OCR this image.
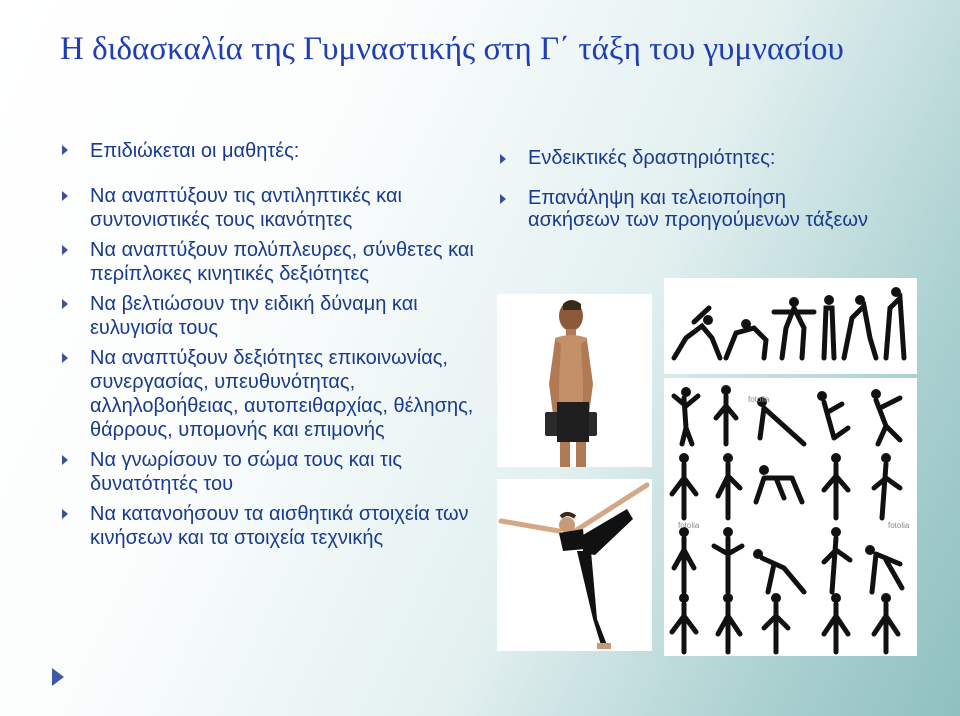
Η διδασκαλία της Γυμναστικής στη Γ΄ τάξη του γυμνασίου
Επιδιώκεται οι μαθητές:
Να αναπτύξουν τις αντιληπτικές και συντονιστικές τους ικανότητες
Να αναπτύξουν πολύπλευρες, σύνθετες και περίπλοκες κινητικές δεξιότητες
Να βελτιώσουν την ειδική δύναμη και ευλυγισία τους
Να αναπτύξουν δεξιότητες επικοινωνίας, συνεργασίας, υπευθυνότητας, αλληλοβοήθειας, αυτοπειθαρχίας, θέλησης, θάρρους, υπομονής και επιμονής
Να γνωρίσουν το σώμα τους και τις δυνατότητές του
Να κατανοήσουν τα αισθητικά στοιχεία των κινήσεων και τα στοιχεία τεχνικής
Ενδεικτικές δραστηριότητες:
Επανάληψη και τελειοποίηση ασκήσεων των προηγούμενων τάξεων
fotolia
fotolia	fotolia
